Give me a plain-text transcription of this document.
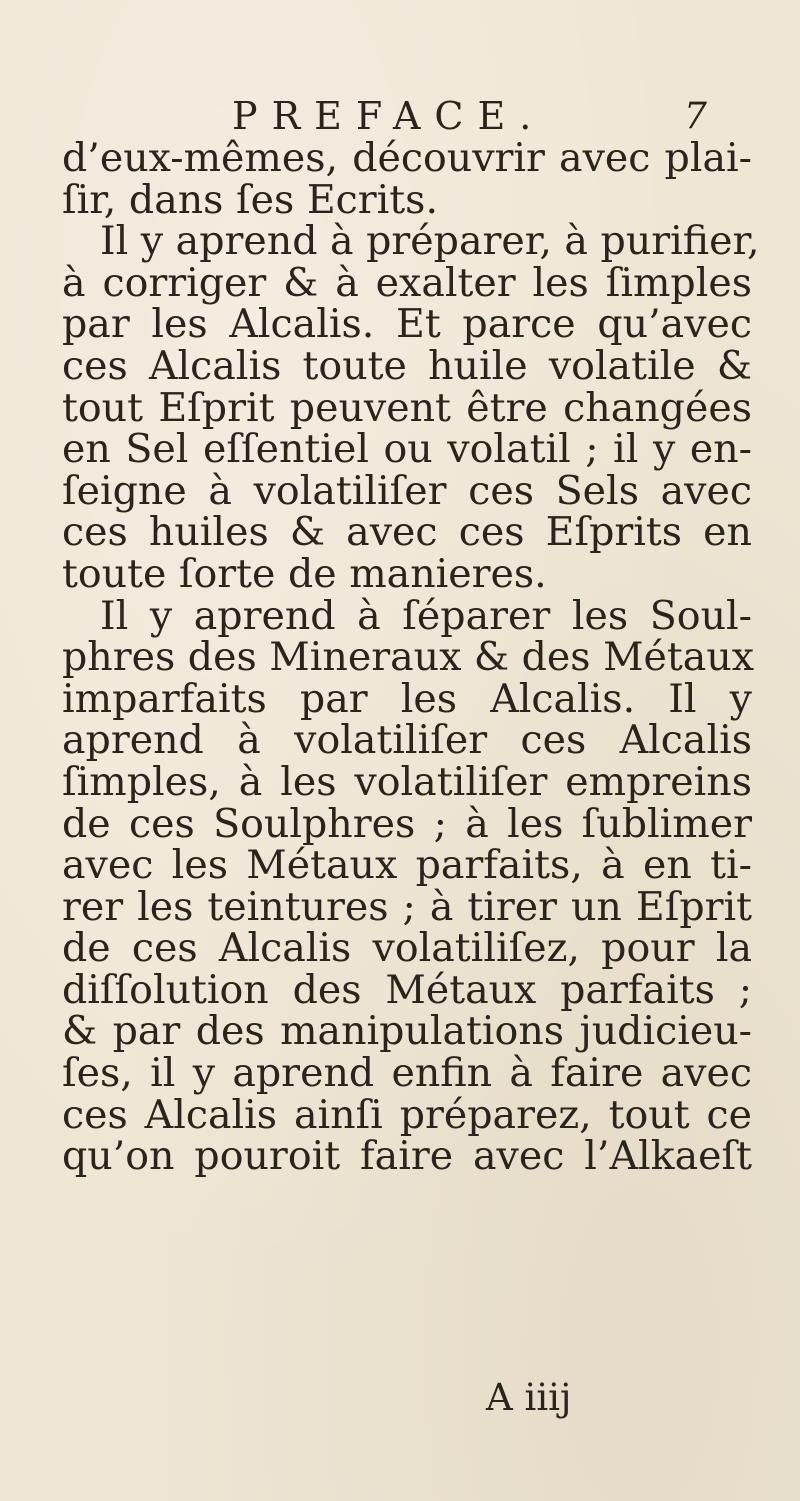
PREFACE.	7
d’eux-mêmes, découvrir avec plai-
ſir, dans ſes Ecrits.
Il y aprend à préparer, à purifier,
à corriger & à exalter les ſimples
par les Alcalis. Et parce qu’avec
ces Alcalis toute huile volatile &
tout Eſprit peuvent être changées
en Sel eſſentiel ou volatil ; il y en-
ſeigne à volatiliſer ces Sels avec
ces huiles & avec ces Eſprits en
toute ſorte de manieres.
Il y aprend à ſéparer les Soul-
phres des Mineraux & des Métaux
imparfaits par les Alcalis. Il y
aprend à volatiliſer ces Alcalis
ſimples, à les volatiliſer empreins
de ces Soulphres ; à les ſublimer
avec les Métaux parfaits, à en ti-
rer les teintures ; à tirer un Eſprit
de ces Alcalis volatiliſez, pour la
diſſolution des Métaux parfaits ;
& par des manipulations judicieu-
ſes, il y aprend enfin à faire avec
ces Alcalis ainſi préparez, tout ce
qu’on pouroit faire avec l’Alkaeſt
A iiij
